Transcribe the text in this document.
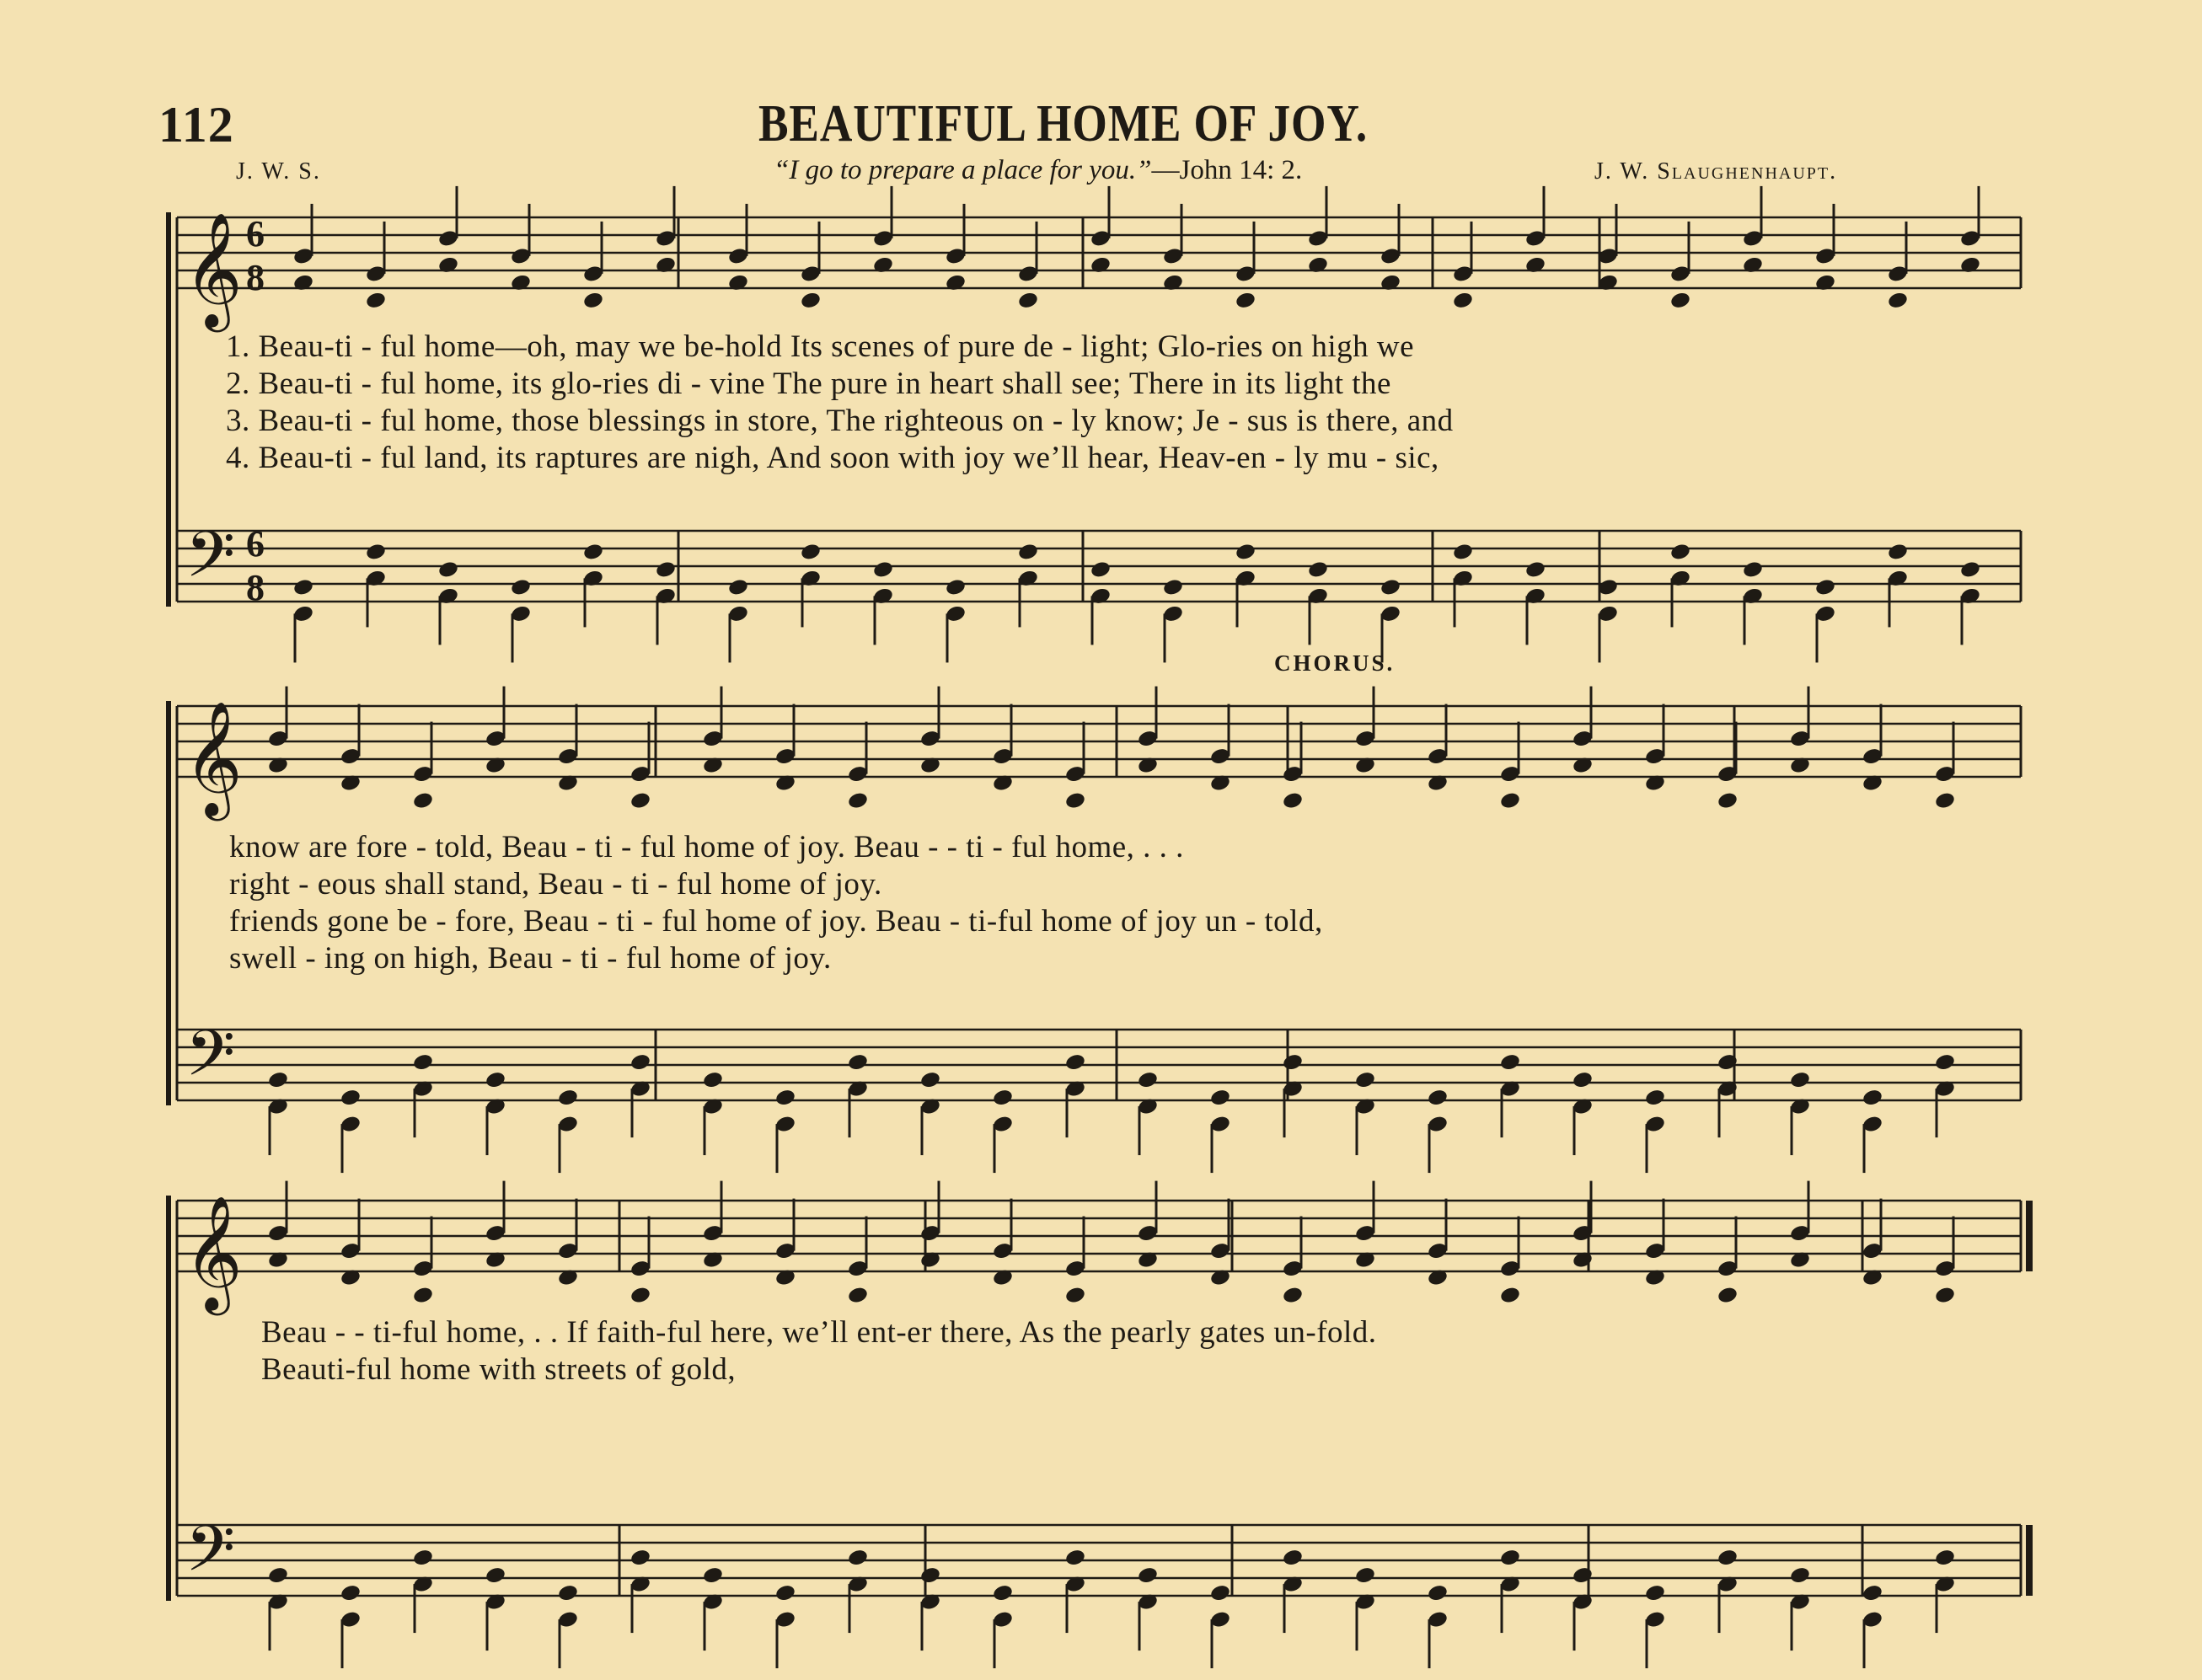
112	BEAUTIFUL HOME OF JOY.
J. W. S.	“I go to prepare a place for you.”—John 14: 2.	J. W. Slaughenhaupt.
𝄞
𝄢
𝄞
𝄢
𝄞
𝄢
6
8
6
8
CHORUS.
1. Beau-ti - ful home—oh, may we be-hold Its scenes of pure de - light; Glo-ries on high we
2. Beau-ti - ful home, its glo-ries di - vine The pure in heart shall see; There in its light the
3. Beau-ti - ful home, those blessings in store, The righteous on - ly know; Je - sus is there, and
4. Beau-ti - ful land, its raptures are nigh, And soon with joy we’ll hear, Heav-en - ly mu - sic,
know are fore - told, Beau - ti - ful home of joy. Beau - - ti - ful home, . . .
right - eous shall stand, Beau - ti - ful home of joy.
friends gone be - fore, Beau - ti - ful home of joy. Beau - ti-ful home of joy un - told,
swell - ing on high, Beau - ti - ful home of joy.
Beau - - ti-ful home, . . If faith-ful here, we’ll ent-er there, As the pearly gates un-fold.
Beauti-ful home with streets of gold,
